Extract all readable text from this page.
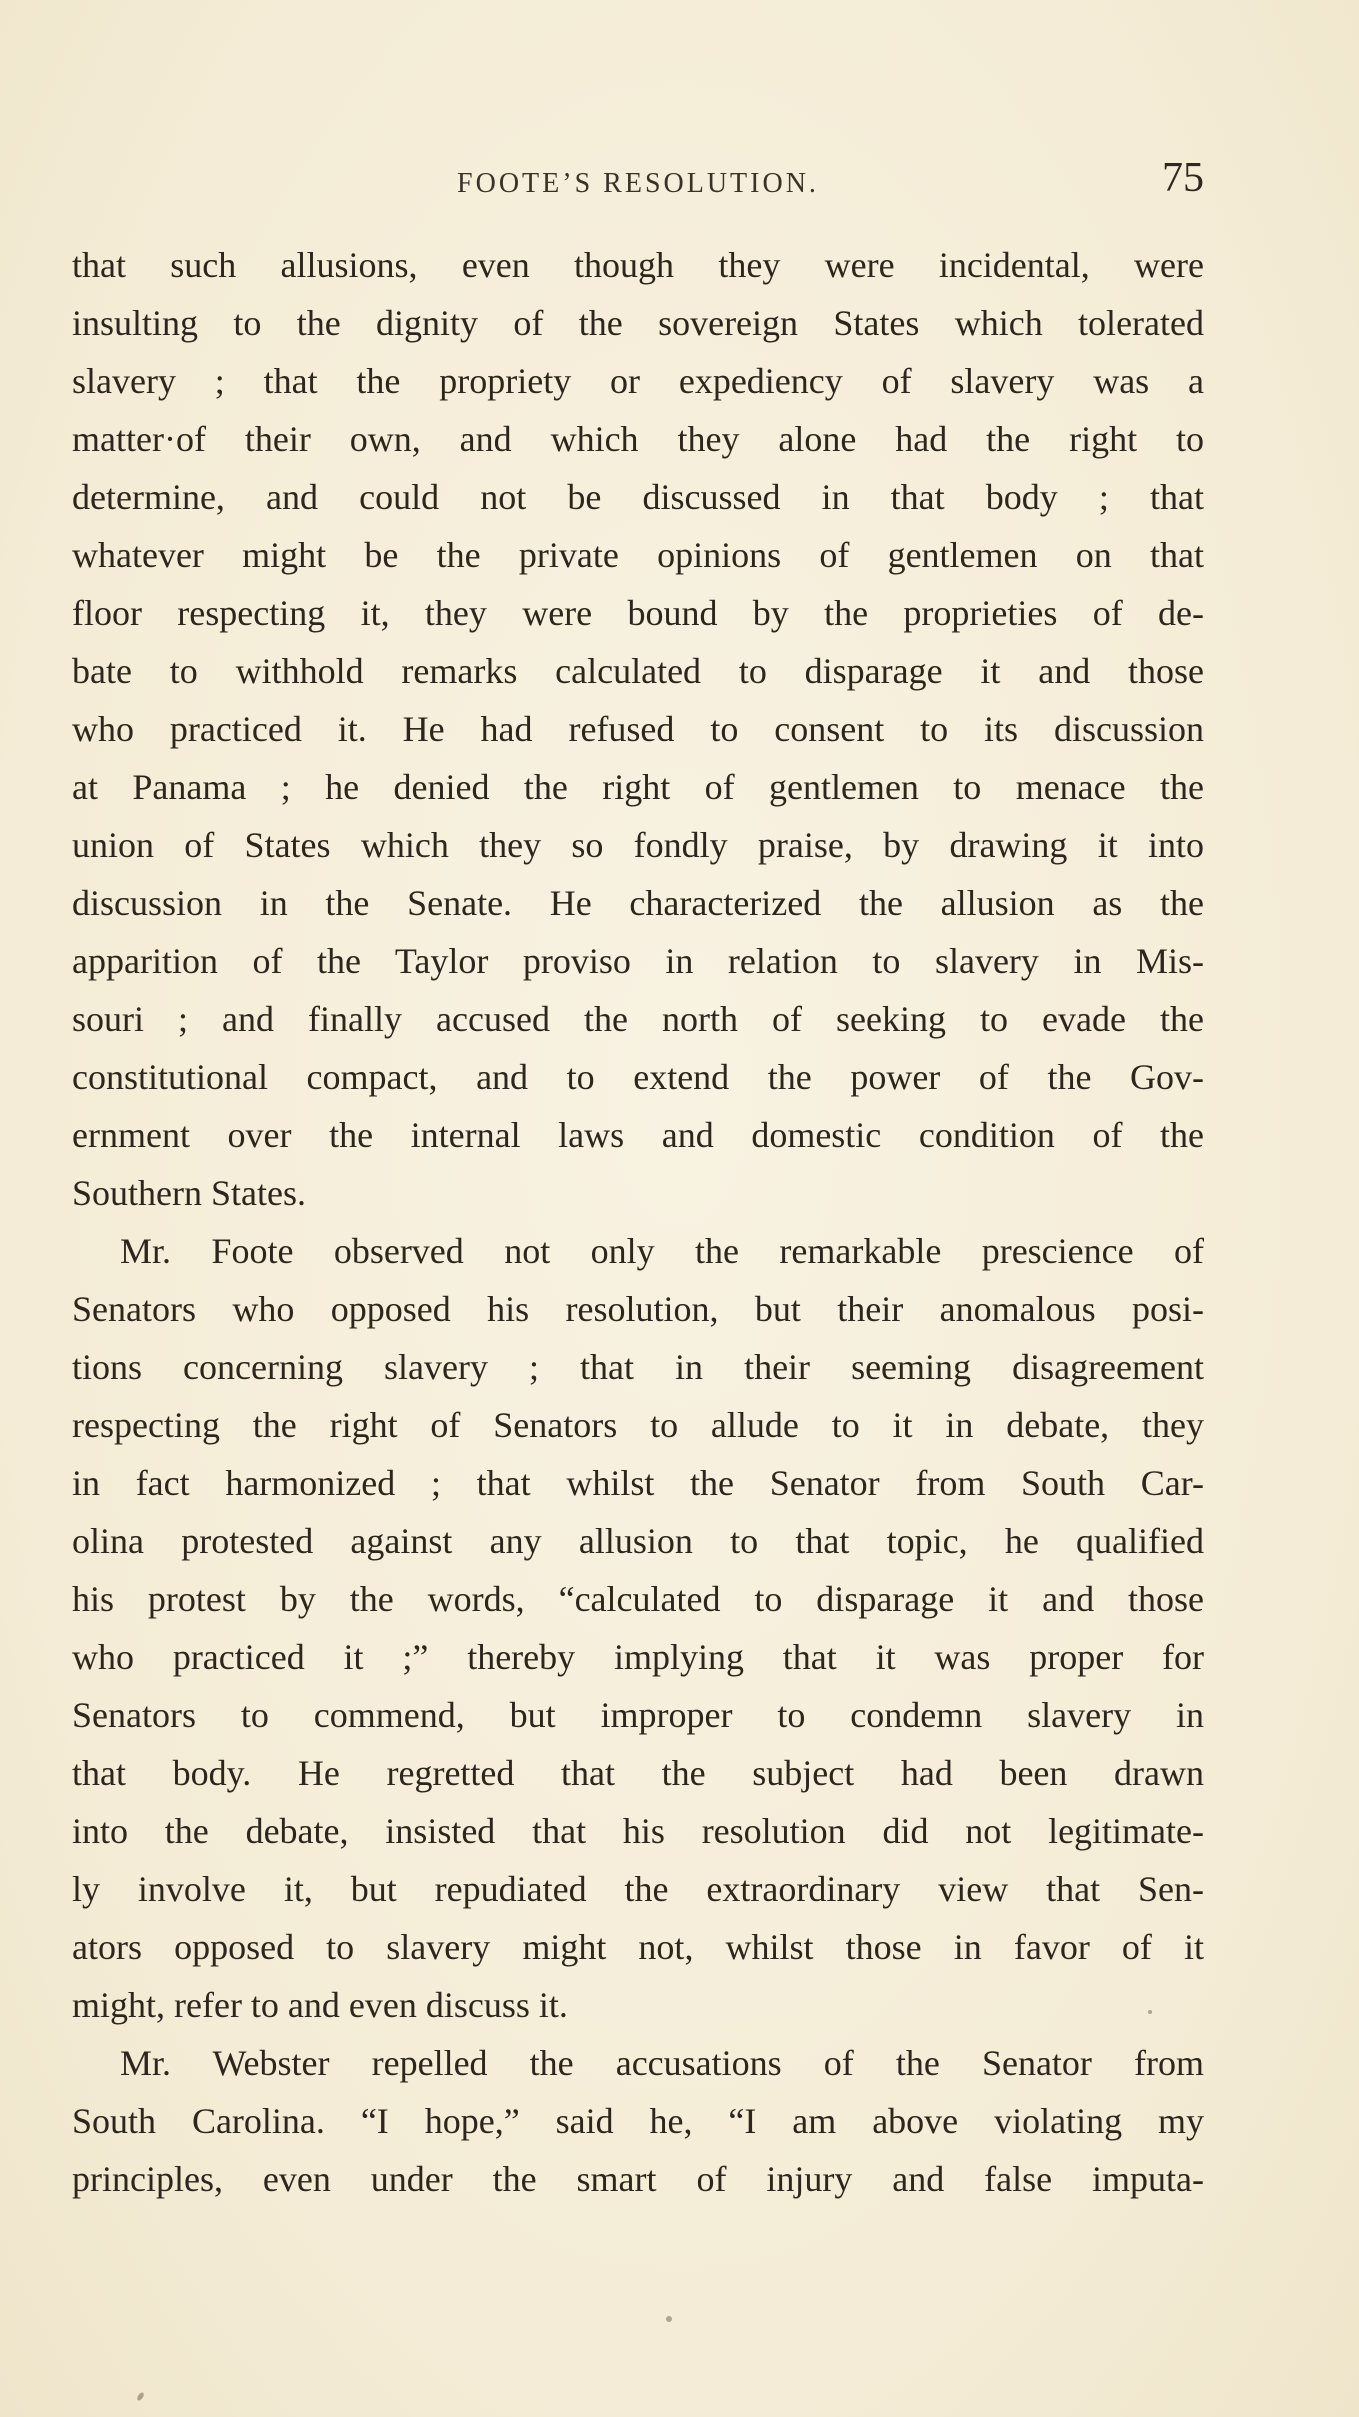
FOOTE’S RESOLUTION.	75
that such allusions, even though they were incidental, were
insulting to the dignity of the sovereign States which tolerated
slavery ; that the propriety or expediency of slavery was a
matter·of their own, and which they alone had the right to
determine, and could not be discussed in that body ; that
whatever might be the private opinions of gentlemen on that
floor respecting it, they were bound by the proprieties of de-
bate to withhold remarks calculated to disparage it and those
who practiced it. He had refused to consent to its discussion
at Panama ; he denied the right of gentlemen to menace the
union of States which they so fondly praise, by drawing it into
discussion in the Senate. He characterized the allusion as the
apparition of the Taylor proviso in relation to slavery in Mis-
souri ; and finally accused the north of seeking to evade the
constitutional compact, and to extend the power of the Gov-
ernment over the internal laws and domestic condition of the
Southern States.
Mr. Foote observed not only the remarkable prescience of
Senators who opposed his resolution, but their anomalous posi-
tions concerning slavery ; that in their seeming disagreement
respecting the right of Senators to allude to it in debate, they
in fact harmonized ; that whilst the Senator from South Car-
olina protested against any allusion to that topic, he qualified
his protest by the words, “calculated to disparage it and those
who practiced it ;” thereby implying that it was proper for
Senators to commend, but improper to condemn slavery in
that body. He regretted that the subject had been drawn
into the debate, insisted that his resolution did not legitimate-
ly involve it, but repudiated the extraordinary view that Sen-
ators opposed to slavery might not, whilst those in favor of it
might, refer to and even discuss it.
Mr. Webster repelled the accusations of the Senator from
South Carolina. “I hope,” said he, “I am above violating my
principles, even under the smart of injury and false imputa-
